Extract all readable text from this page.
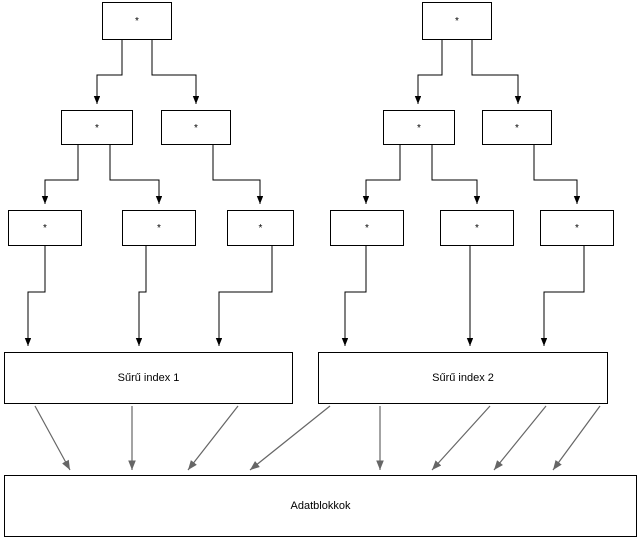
*
*	*
*	*	*
Sűrű index 1
*
*	*
*	*	*
Sűrű index 2
Adatblokkok
